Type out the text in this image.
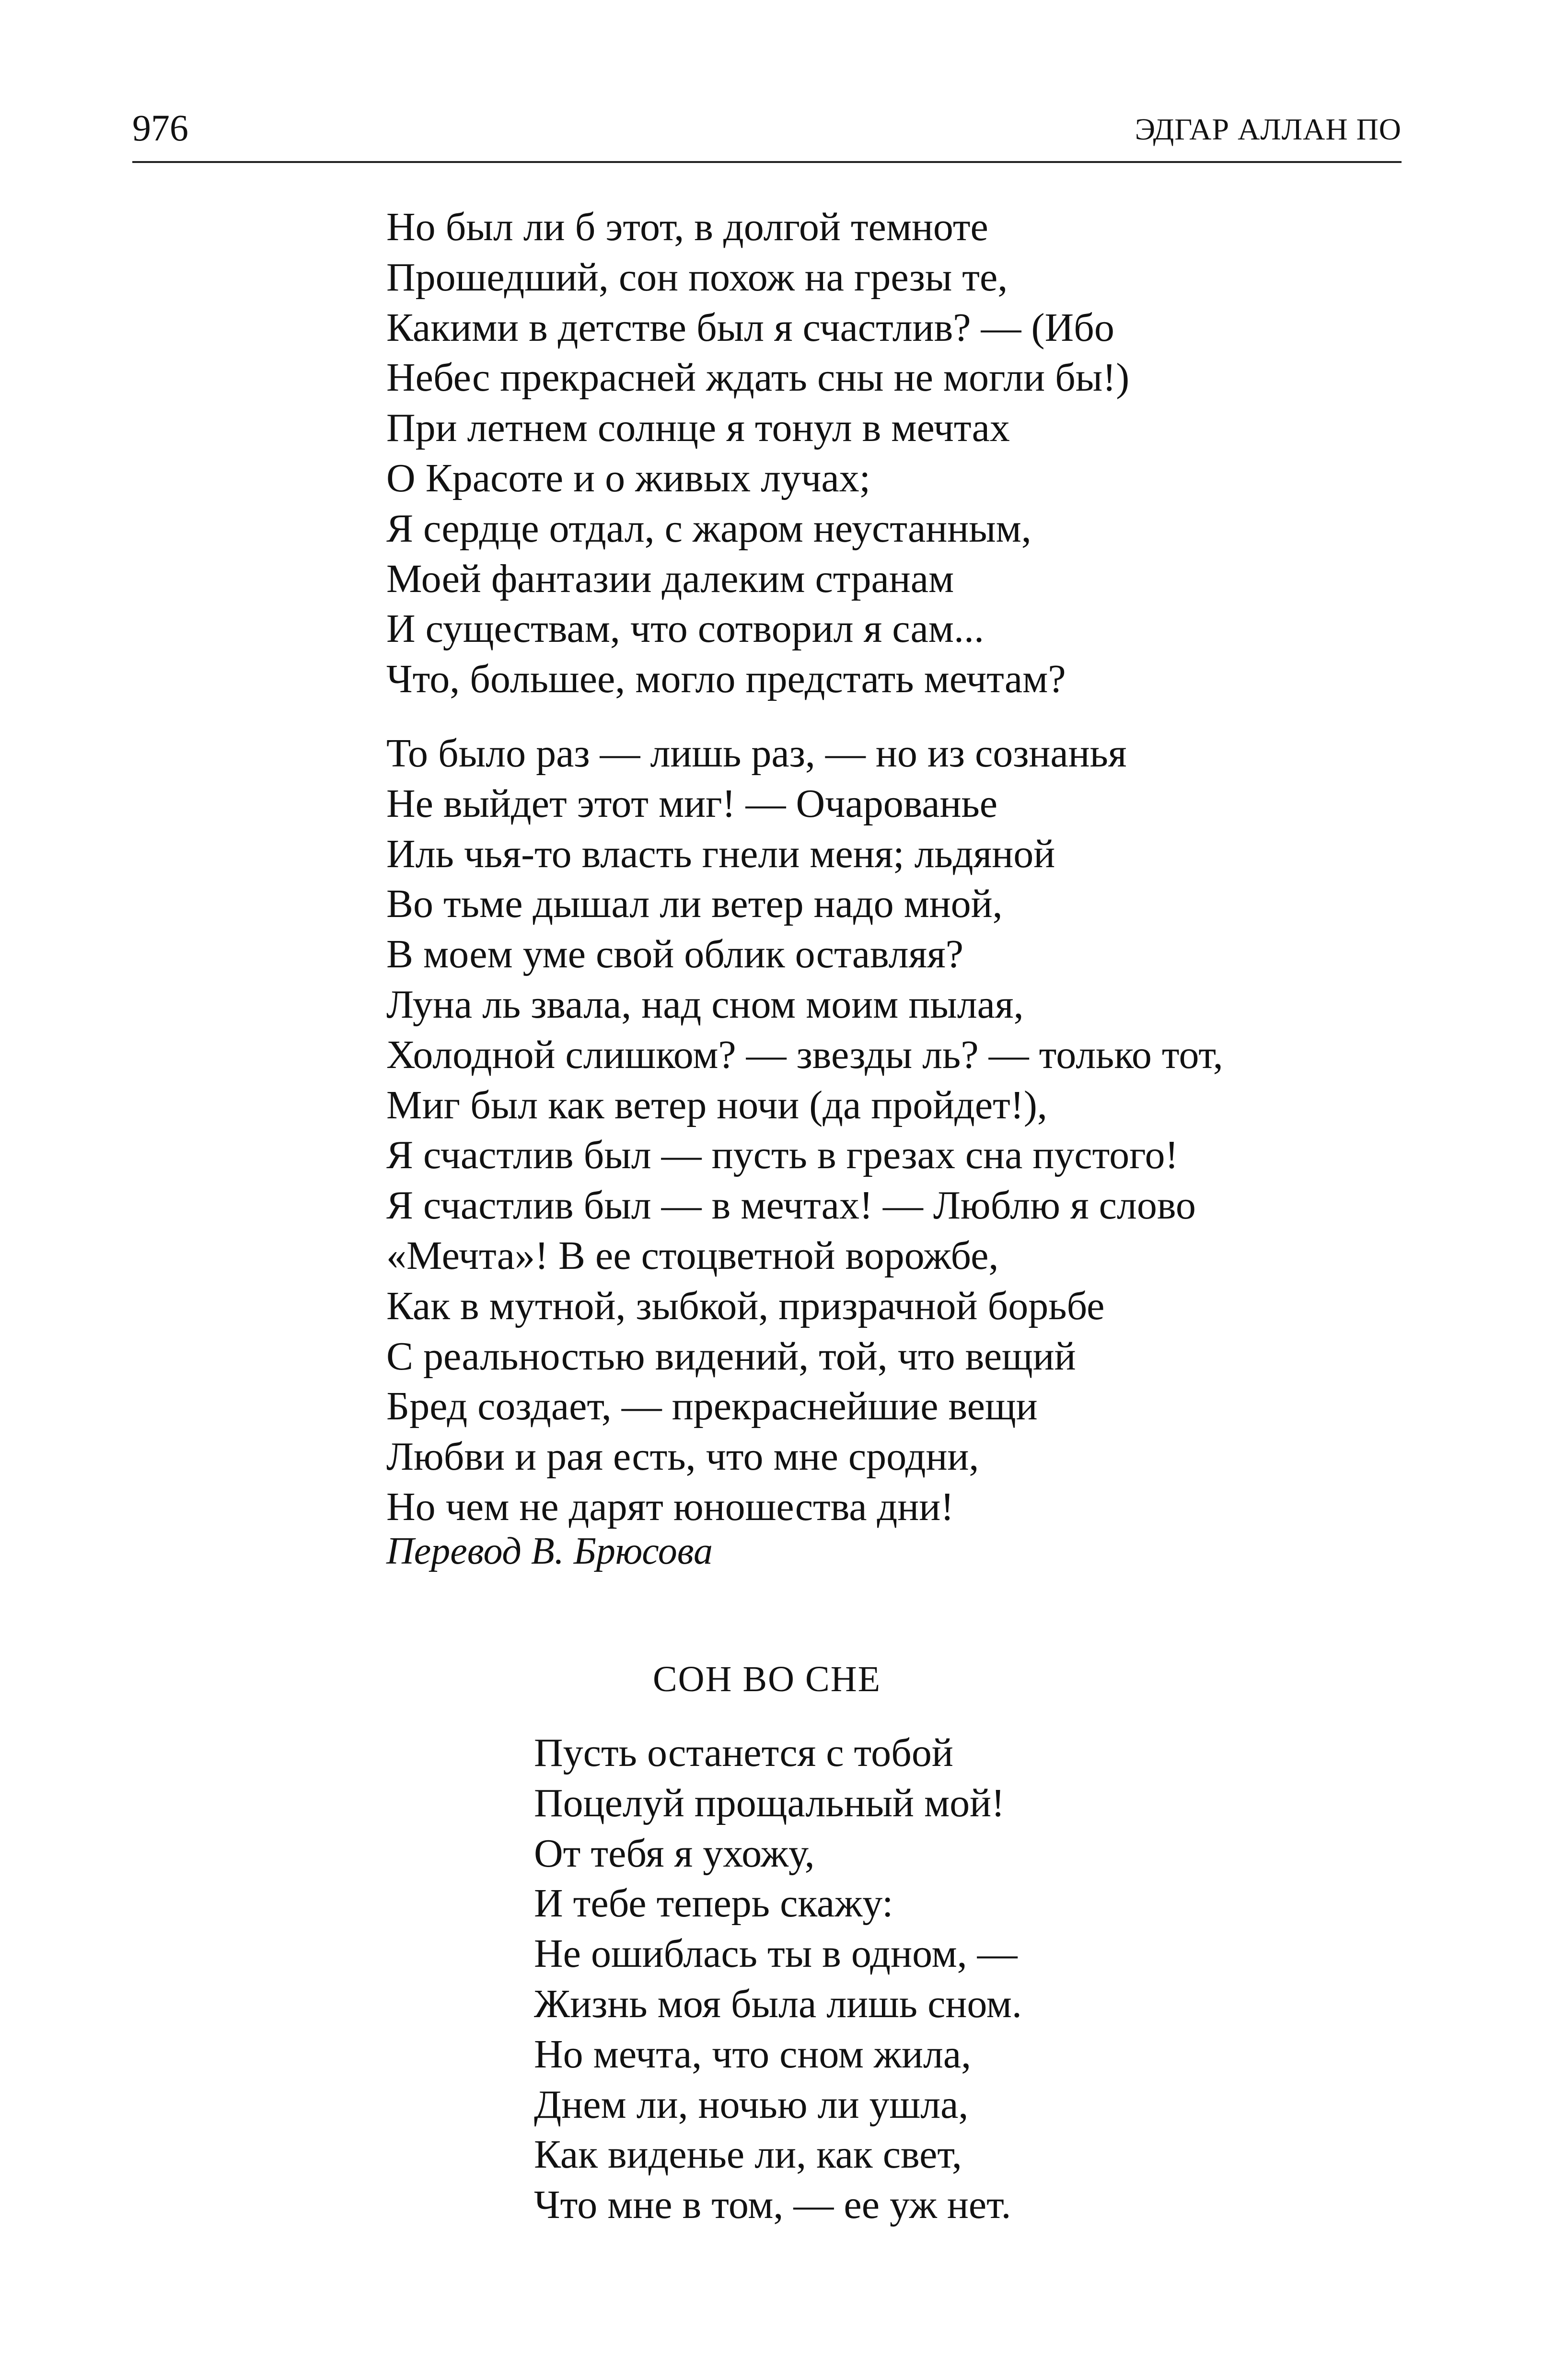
976	ЭДГАР АЛЛАН ПО
Но был ли б этот, в долгой темноте
Прошедший, сон похож на грезы те,
Какими в детстве был я счастлив? — (Ибо
Небес прекрасней ждать сны не могли бы!)
При летнем солнце я тонул в мечтах
О Красоте и о живых лучах;
Я сердце отдал, с жаром неустанным,
Моей фантазии далеким странам
И существам, что сотворил я сам...
Что, большее, могло предстать мечтам?
То было раз — лишь раз, — но из сознанья
Не выйдет этот миг! — Очарованье
Иль чья-то власть гнели меня; льдяной
Во тьме дышал ли ветер надо мной,
В моем уме свой облик оставляя?
Луна ль звала, над сном моим пылая,
Холодной слишком? — звезды ль? — только тот,
Миг был как ветер ночи (да пройдет!),
Я счастлив был — пусть в грезах сна пустого!
Я счастлив был — в мечтах! — Люблю я слово
«Мечта»! В ее стоцветной ворожбе,
Как в мутной, зыбкой, призрачной борьбе
С реальностью видений, той, что вещий
Бред создает, — прекраснейшие вещи
Любви и рая есть, что мне сродни,
Но чем не дарят юношества дни!
Перевод В. Брюсова
СОН ВО СНЕ
Пусть останется с тобой
Поцелуй прощальный мой!
От тебя я ухожу,
И тебе теперь скажу:
Не ошиблась ты в одном, —
Жизнь моя была лишь сном.
Но мечта, что сном жила,
Днем ли, ночью ли ушла,
Как виденье ли, как свет,
Что мне в том, — ее уж нет.
